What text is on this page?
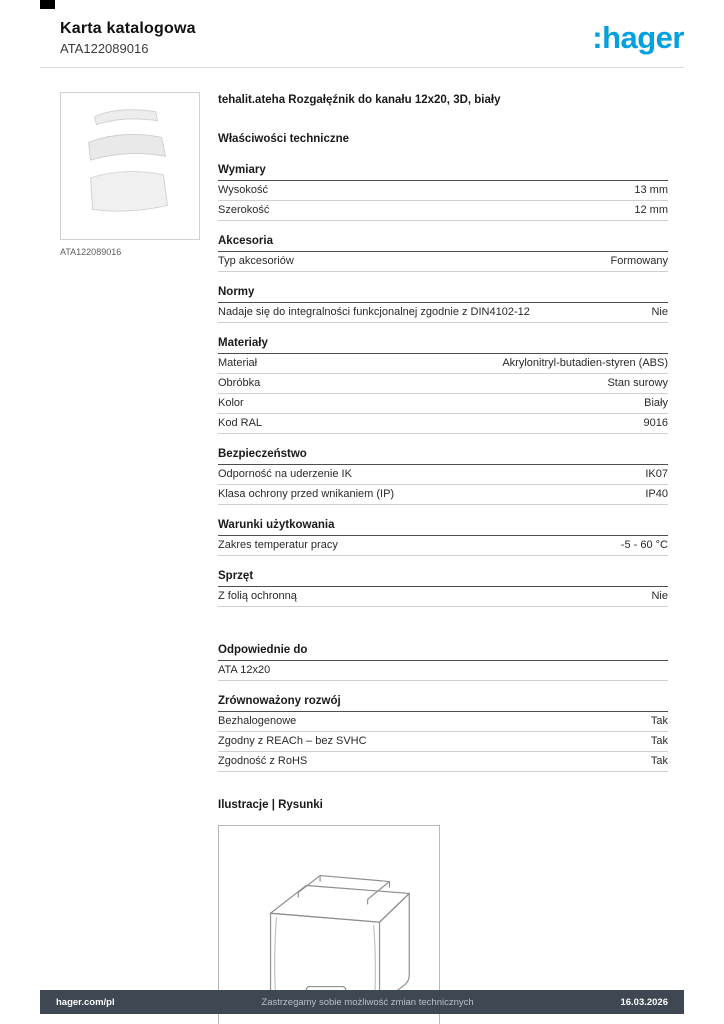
Karta katalogowa
ATA122089016	:hager
ATA122089016
tehalit.ateha Rozgałęźnik do kanału 12x20, 3D, biały
Właściwości techniczne
Wymiary
Wysokość	13 mm
Szerokość	12 mm
Akcesoria
Typ akcesoriów	Formowany
Normy
Nadaje się do integralności funkcjonalnej zgodnie z DIN4102-12	Nie
Materiały
Materiał	Akrylonitryl-butadien-styren (ABS)
Obróbka	Stan surowy
Kolor	Biały
Kod RAL	9016
Bezpieczeństwo
Odporność na uderzenie IK	IK07
Klasa ochrony przed wnikaniem (IP)	IP40
Warunki użytkowania
Zakres temperatur pracy	-5 - 60 °C
Sprzęt
Z folią ochronną	Nie
Odpowiednie do
ATA 12x20
Zrównoważony rozwój
Bezhalogenowe	Tak
Zgodny z REACh – bez SVHC	Tak
Zgodność z RoHS	Tak
Ilustracje | Rysunki
hager.com/pl	Zastrzegamy sobie możliwość zmian technicznych	16.03.2026
